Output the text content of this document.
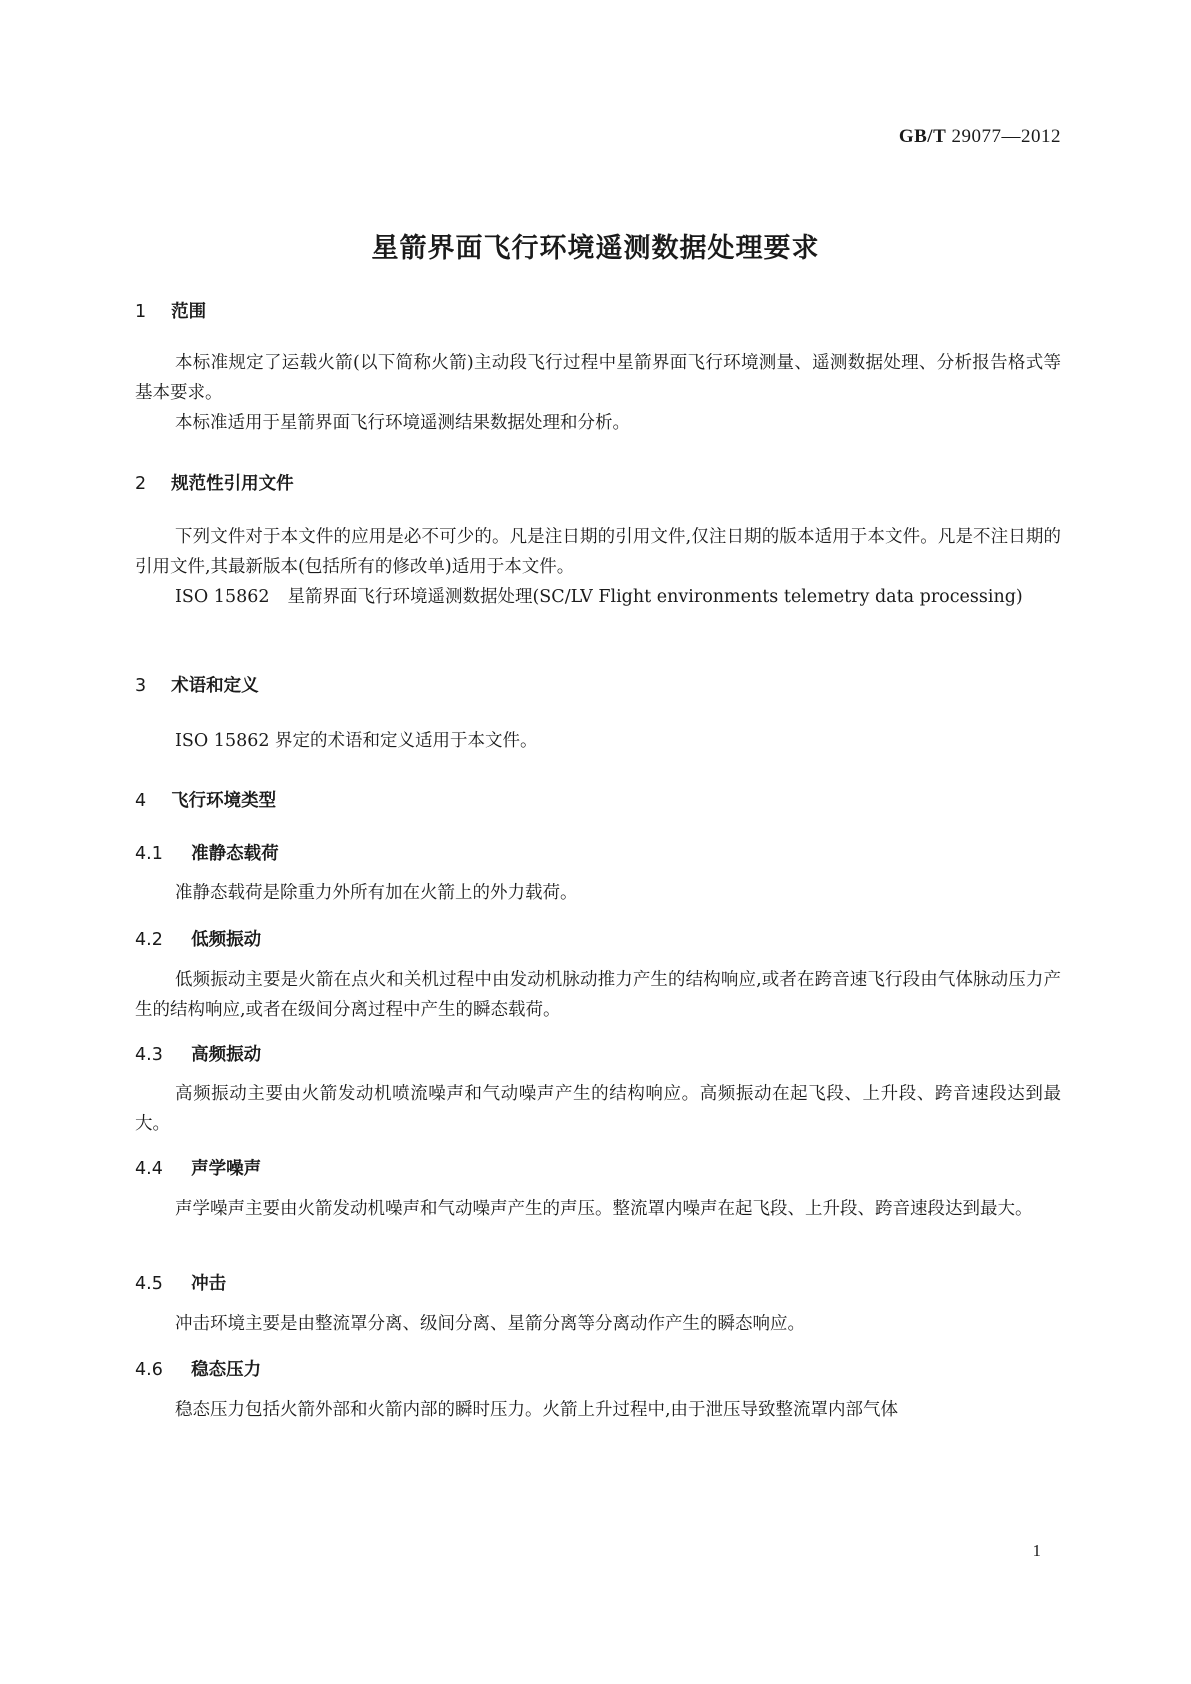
GB/T 29077—2012
星箭界面飞行环境遥测数据处理要求
1 范围
本标准规定了运载火箭(以下简称火箭)主动段飞行过程中星箭界面飞行环境测量、遥测数据处理、分析报告格式等基本要求。
本标准适用于星箭界面飞行环境遥测结果数据处理和分析。
2 规范性引用文件
下列文件对于本文件的应用是必不可少的。凡是注日期的引用文件,仅注日期的版本适用于本文件。凡是不注日期的引用文件,其最新版本(包括所有的修改单)适用于本文件。
ISO 15862 星箭界面飞行环境遥测数据处理(SC/LV Flight environments telemetry data processing)
3 术语和定义
ISO 15862 界定的术语和定义适用于本文件。
4 飞行环境类型
4.1 准静态载荷
准静态载荷是除重力外所有加在火箭上的外力载荷。
4.2 低频振动
低频振动主要是火箭在点火和关机过程中由发动机脉动推力产生的结构响应,或者在跨音速飞行段由气体脉动压力产生的结构响应,或者在级间分离过程中产生的瞬态载荷。
4.3 高频振动
高频振动主要由火箭发动机喷流噪声和气动噪声产生的结构响应。高频振动在起飞段、上升段、跨音速段达到最大。
4.4 声学噪声
声学噪声主要由火箭发动机噪声和气动噪声产生的声压。整流罩内噪声在起飞段、上升段、跨音速段达到最大。
4.5 冲击
冲击环境主要是由整流罩分离、级间分离、星箭分离等分离动作产生的瞬态响应。
4.6 稳态压力
稳态压力包括火箭外部和火箭内部的瞬时压力。火箭上升过程中,由于泄压导致整流罩内部气体
1
